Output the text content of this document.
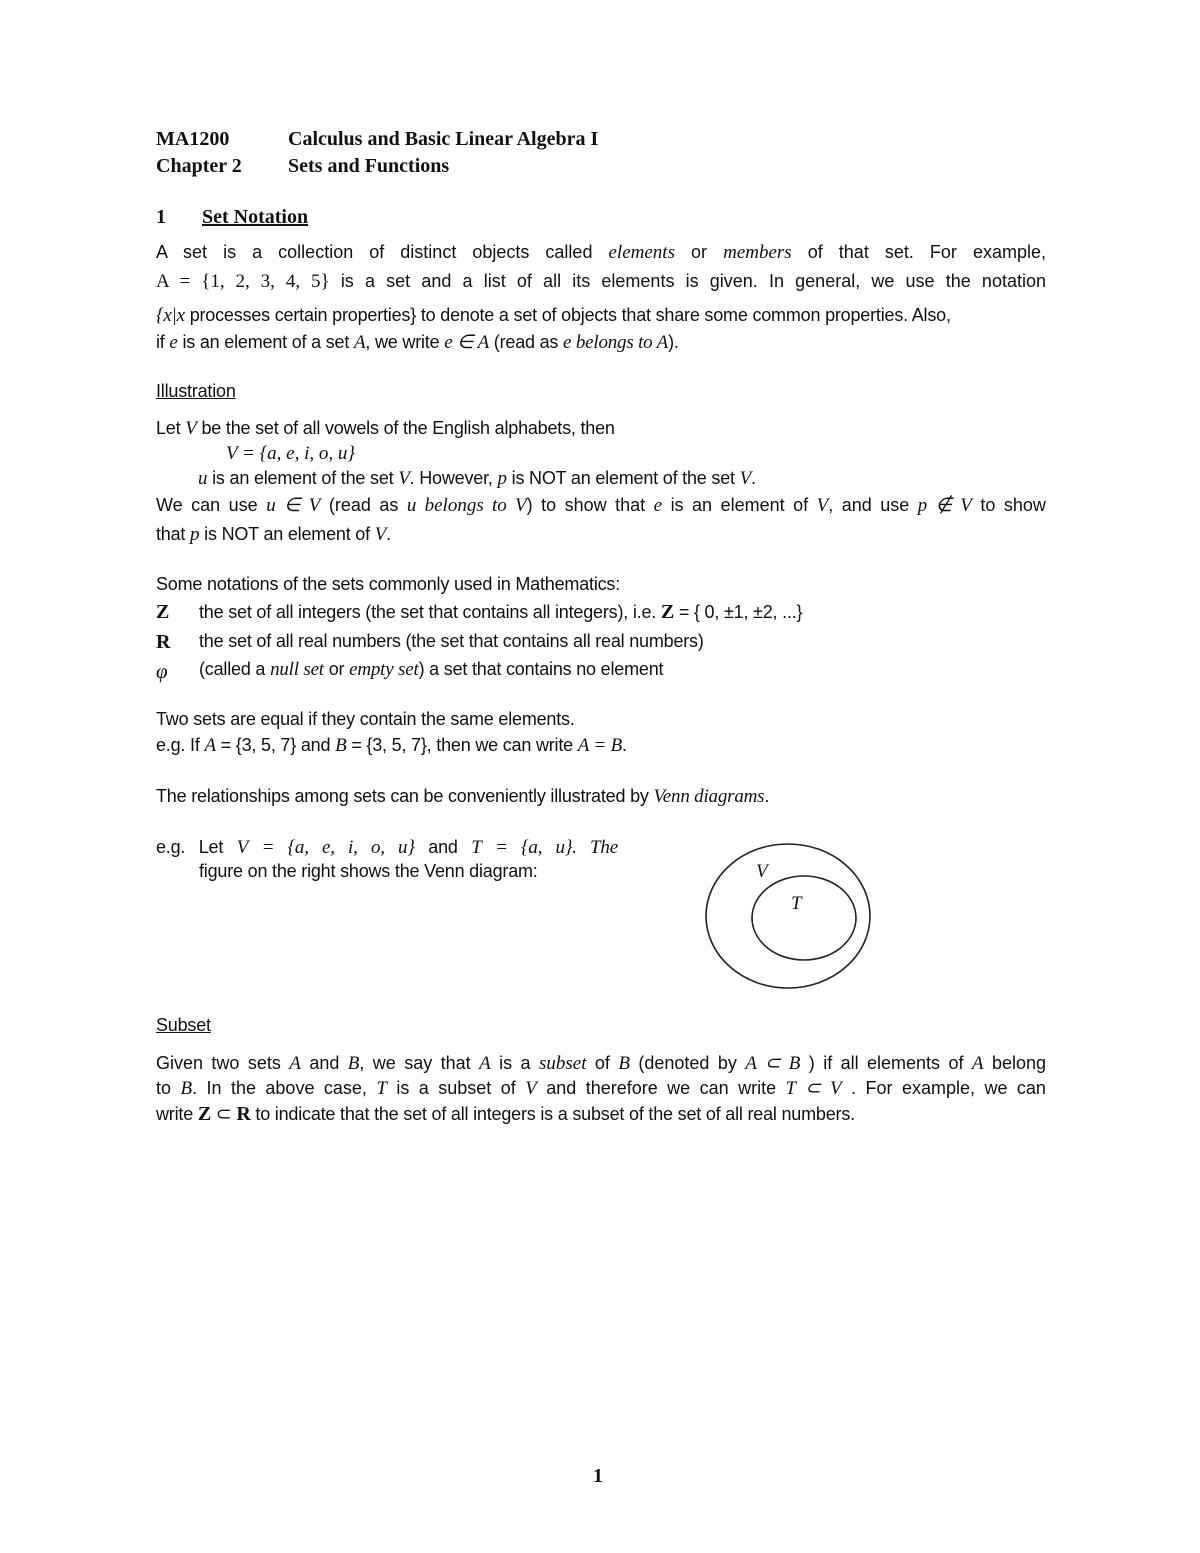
MA1200	Calculus and Basic Linear Algebra I
Chapter 2 Sets and Functions
1 Set Notation
A set is a collection of distinct objects called elements or members of that set. For example,
A = {1, 2, 3, 4, 5} is a set and a list of all its elements is given. In general, we use the notation
{x|x processes certain properties} to denote a set of objects that share some common properties. Also,
if e is an element of a set A, we write e ∈ A (read as e belongs to A).
Illustration
Let V be the set of all vowels of the English alphabets, then
V = {a, e, i, o, u}
u is an element of the set V. However, p is NOT an element of the set V.
We can use u ∈ V (read as u belongs to V) to show that e is an element of V, and use p ∉ V to show
that p is NOT an element of V.
Some notations of the sets commonly used in Mathematics:
Z the set of all integers (the set that contains all integers), i.e. Z = { 0, ±1, ±2, ...}
R the set of all real numbers (the set that contains all real numbers)
φ (called a null set or empty set) a set that contains no element
Two sets are equal if they contain the same elements.
e.g. If A = {3, 5, 7} and B = {3, 5, 7}, then we can write A = B.
The relationships among sets can be conveniently illustrated by Venn diagrams.
e.g. Let V = {a, e, i, o, u} and T = {a, u}. The
figure on the right shows the Venn diagram:	V
T
Subset
Given two sets A and B, we say that A is a subset of B (denoted by A ⊂ B ) if all elements of A belong
to B. In the above case, T is a subset of V and therefore we can write T ⊂ V . For example, we can
write Z ⊂ R to indicate that the set of all integers is a subset of the set of all real numbers.
1
